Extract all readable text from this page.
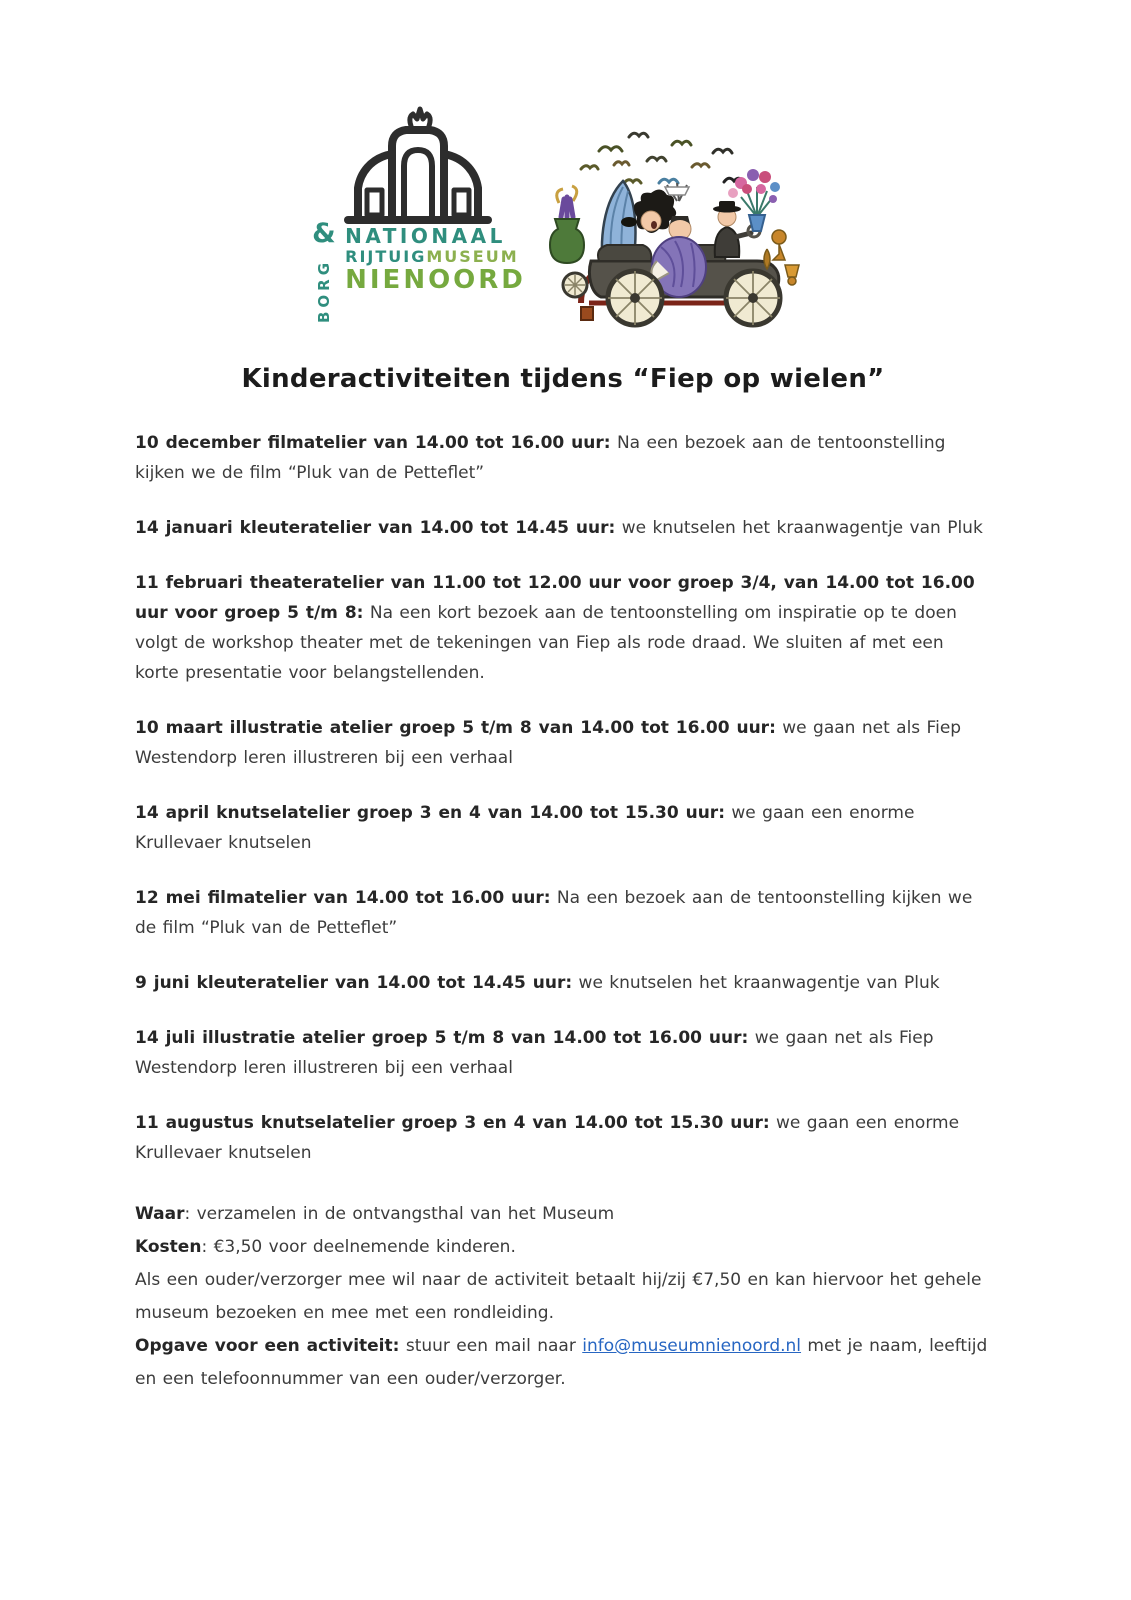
&
BORG
NATIONAAL
RIJTUIGMUSEUM
NIENOORD
Kinderactiviteiten tijdens “Fiep op wielen”

10 december filmatelier van 14.00 tot 16.00 uur: Na een bezoek aan de tentoonstelling kijken we de film “Pluk van de Petteflet”

14 januari kleuteratelier van 14.00 tot 14.45 uur: we knutselen het kraanwagentje van Pluk

11 februari theateratelier van 11.00 tot 12.00 uur voor groep 3/4, van 14.00 tot 16.00 uur voor groep 5 t/m 8: Na een kort bezoek aan de tentoonstelling om inspiratie op te doen volgt de workshop theater met de tekeningen van Fiep als rode draad. We sluiten af met een korte presentatie voor belangstellenden.

10 maart illustratie atelier groep 5 t/m 8 van 14.00 tot 16.00 uur: we gaan net als Fiep Westendorp leren illustreren bij een verhaal

14 april knutselatelier groep 3 en 4 van 14.00 tot 15.30 uur: we gaan een enorme Krullevaer knutselen

12 mei filmatelier van 14.00 tot 16.00 uur: Na een bezoek aan de tentoonstelling kijken we de film “Pluk van de Petteflet”

9 juni kleuteratelier van 14.00 tot 14.45 uur: we knutselen het kraanwagentje van Pluk

14 juli illustratie atelier groep 5 t/m 8 van 14.00 tot 16.00 uur: we gaan net als Fiep Westendorp leren illustreren bij een verhaal

11 augustus knutselatelier groep 3 en 4 van 14.00 tot 15.30 uur: we gaan een enorme Krullevaer knutselen

Waar: verzamelen in de ontvangsthal van het Museum
Kosten: €3,50 voor deelnemende kinderen.
Als een ouder/verzorger mee wil naar de activiteit betaalt hij/zij €7,50 en kan hiervoor het gehele museum bezoeken en mee met een rondleiding.
Opgave voor een activiteit: stuur een mail naar info@museumnienoord.nl met je naam, leeftijd en een telefoonnummer van een ouder/verzorger.
